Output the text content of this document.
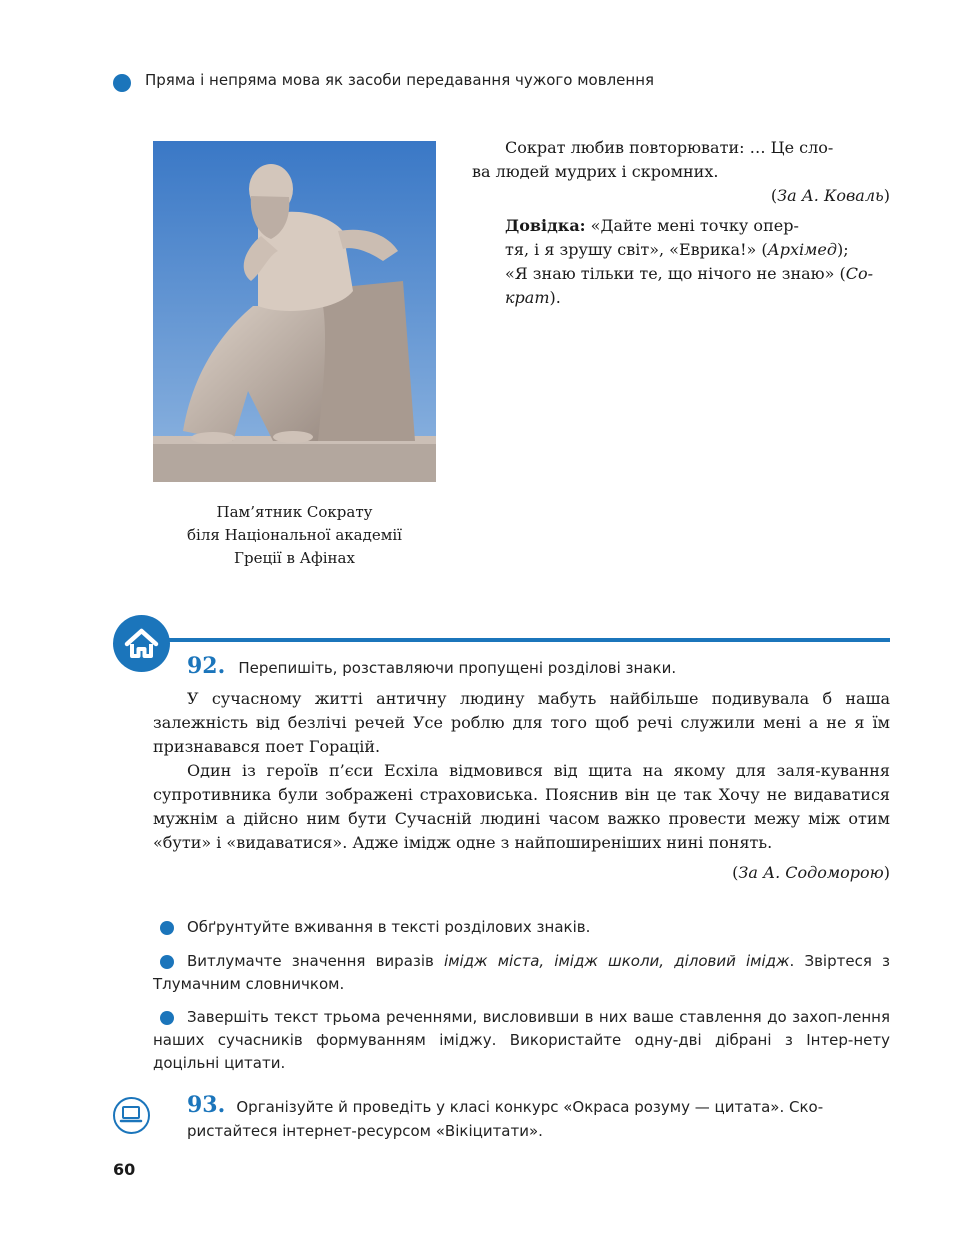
Пряма і непряма мова як засоби передавання чужого мовлення
Пам’ятник Сократу
біля Національної академії
Греції в Афінах

Сократ любив повторювати: … Це сло-
ва людей мудрих і скромних.

(За А. Коваль)

Довідка: «Дайте мені точку опер-

тя, і я зрушу світ», «Еврика!» (Архімед);

«Я знаю тільки те, що нічого не знаю» (Со-

крат).

92. Перепишіть, розставляючи пропущені розділові знаки.

У сучасному житті античну людину мабуть найбільше подивувала б наша залежність від безлічі речей Усе роблю для того щоб речі служили мені а не я їм признавався поет Горацій.

Один із героїв п’єси Есхіла відмовився від щита на якому для заля-кування супротивника були зображені страховиська. Пояснив він це так Хочу не видаватися мужнім а дійсно ним бути Сучасній людині часом важко провести межу між отим «бути» і «видаватися». Адже імідж одне з найпоширеніших нині понять.

(За А. Содоморою)

Обґрунтуйте вживання в тексті розділових знаків.
Витлумачте значення виразів імідж міста, імідж школи, діловий імідж. Звіртеся з Тлумачним словничком.
Завершіть текст трьома реченнями, висловивши в них ваше ставлення до захоп-лення наших сучасників формуванням іміджу. Використайте одну-дві дібрані з Інтер-нету доцільні цитати.
93. Організуйте й проведіть у класі конкурс «Окраса розуму — цитата». Ско-
ристайтеся інтернет-ресурсом «Вікіцитати».
60
